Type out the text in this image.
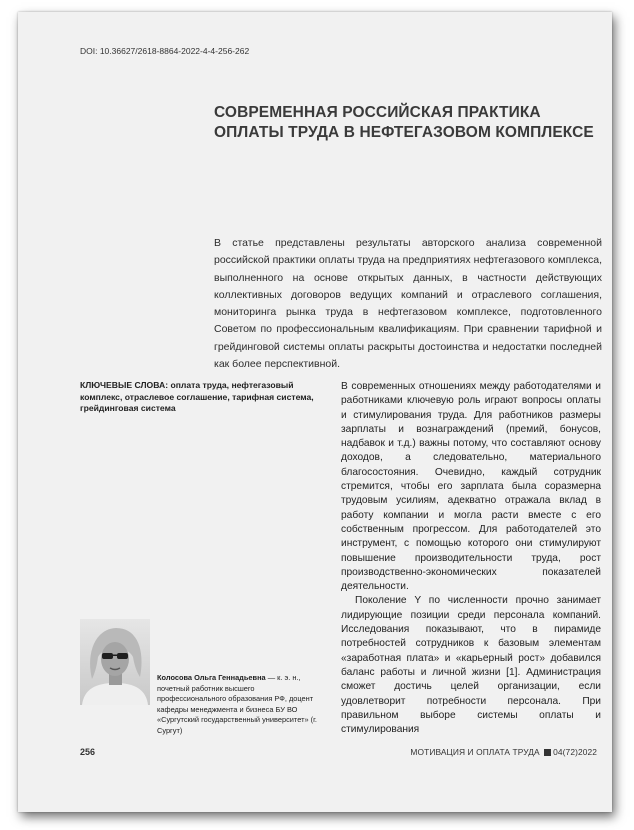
DOI: 10.36627/2618-8864-2022-4-4-256-262
СОВРЕМЕННАЯ РОССИЙСКАЯ ПРАКТИКА ОПЛАТЫ ТРУДА В НЕФТЕГАЗОВОМ КОМПЛЕКСЕ

В статье представлены результаты авторского анализа современной российской практики оплаты труда на предприятиях нефтегазового комплекса, выполненного на основе открытых данных, в частности действующих коллективных договоров ведущих компаний и отраслевого соглашения, мониторинга рынка труда в нефтегазовом комплексе, подготовленного Советом по профессиональным квалификациям. При сравнении тарифной и грейдинговой системы оплаты раскрыты достоинства и недостатки последней как более перспективной.

КЛЮЧЕВЫЕ СЛОВА: оплата труда, нефтегазовый комплекс, отраслевое соглашение, тарифная система, грейдинговая система

В современных отношениях между работодателями и работниками ключевую роль играют вопросы оплаты и стимулирования труда. Для работников размеры зарплаты и вознаграждений (премий, бонусов, надбавок и т.д.) важны потому, что составляют основу доходов, а следовательно, материального благосостояния. Очевидно, каждый сотрудник стремится, чтобы его зарплата была соразмерна трудовым усилиям, адекватно отражала вклад в работу компании и могла расти вместе с его собственным прогрессом. Для работодателей это инструмент, с помощью которого они стимулируют повышение производительности труда, рост производственно-экономических показателей деятельности.

Поколение Y по численности прочно занимает лидирующие позиции среди персонала компаний. Исследования показывают, что в пирамиде потребностей сотрудников к базовым элементам «заработная плата» и «карьерный рост» добавился баланс работы и личной жизни [1]. Администрация сможет достичь целей организации, если удовлетворит потребности персонала. При правильном выборе системы оплаты и стимулирования

Колосова Ольга Геннадьевна — к. э. н., почетный работник высшего профессионального образования РФ, доцент кафедры менеджмента и бизнеса БУ ВО «Сургутский государственный университет» (г. Сургут)

256	МОТИВАЦИЯ И ОПЛАТА ТРУДА 04(72)2022
